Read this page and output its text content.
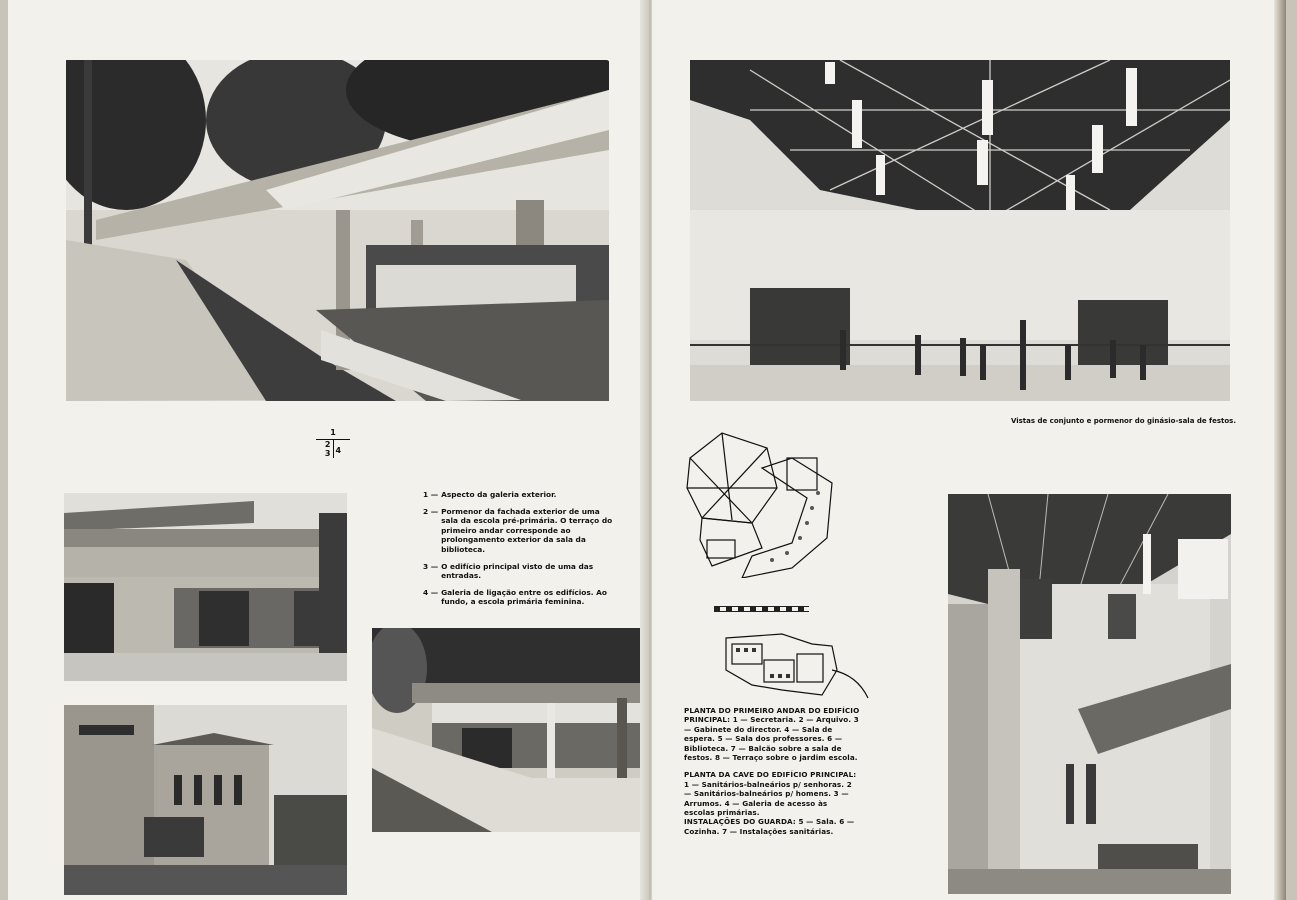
1
2
3 4

1 — Aspecto da galeria exterior.

2 — Pormenor da fachada exterior de uma sala da escola pré-primária. O terraço do primeiro andar corresponde ao prolongamento exterior da sala da biblioteca.

3 — O edifício principal visto de uma das entradas.

4 — Galeria de ligação entre os edifícios. Ao fundo, a escola primária feminina.

Vistas de conjunto e pormenor do ginásio-sala de festos.

PLANTA DO PRIMEIRO ANDAR DO EDIFÍCIO PRINCIPAL: 1 — Secretaria. 2 — Arquivo. 3 — Gabinete do director. 4 — Sala de espera. 5 — Sala dos professores. 6 — Biblioteca. 7 — Balcão sobre a sala de festos. 8 — Terraço sobre o jardim escola.

PLANTA DA CAVE DO EDIFÍCIO PRINCIPAL: 1 — Sanitários-balneários p/ senhoras. 2 — Sanitários-balneários p/ homens. 3 — Arrumos. 4 — Galeria de acesso às escolas primárias.

INSTALAÇÕES DO GUARDA: 5 — Sala. 6 — Cozinha. 7 — Instalações sanitárias.
